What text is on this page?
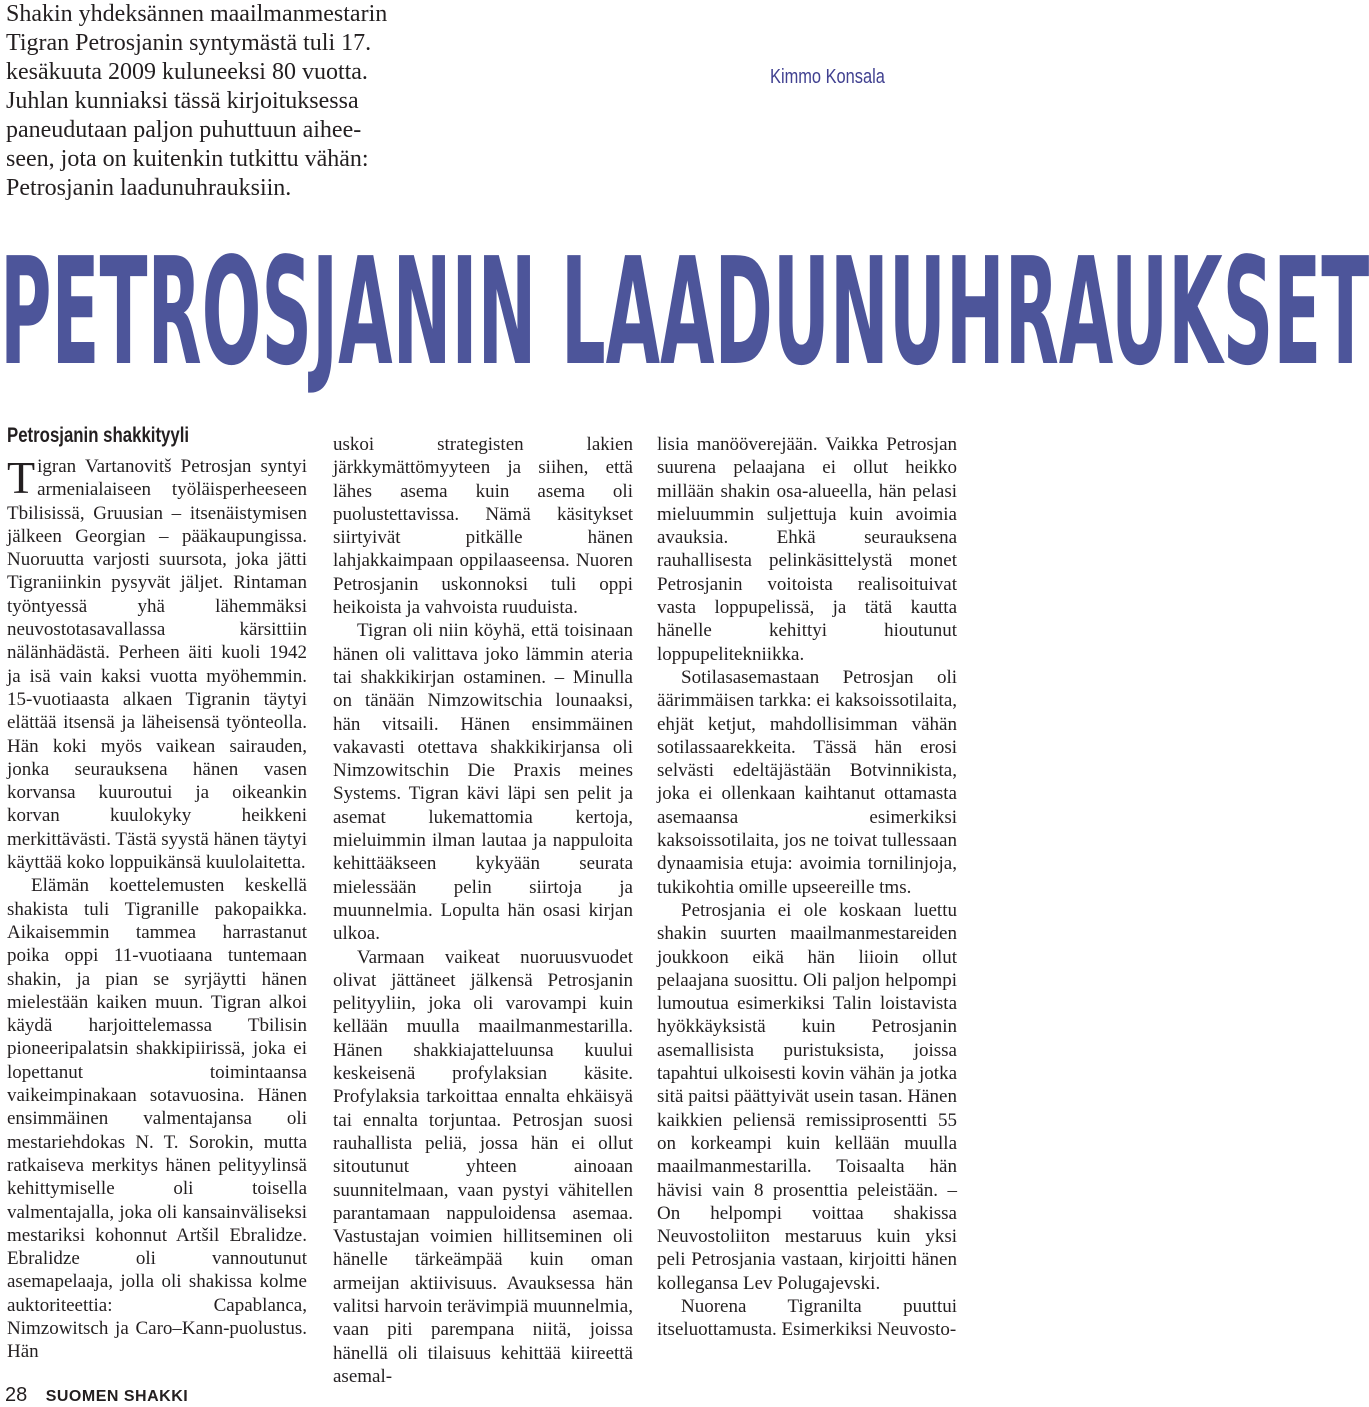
Shakin yhdeksännen maailmanmestarin
Tigran Petrosjanin syntymästä tuli 17.
kesäkuuta 2009 kuluneeksi 80 vuotta.
Juhlan kunniaksi tässä kirjoituksessa
paneudutaan paljon puhuttuun aihee-
seen, jota on kuitenkin tutkittu vähän:
Petrosjanin laadunuhrauksiin.
Kimmo Konsala
PETROSJANIN LAADUNUHRAUKSET
Petrosjanin shakkityyli

Tigran Vartanovitš Petrosjan syntyi armenialaiseen työläisperheeseen Tbilisissä, Gruusian – itsenäistymisen jälkeen Georgian – pääkaupungissa. Nuoruutta varjosti suursota, joka jätti Tigraniinkin pysyvät jäljet. Rintaman työntyessä yhä lähemmäksi neuvostotasavallassa kärsittiin nälänhädästä. Perheen äiti kuoli 1942 ja isä vain kaksi vuotta myöhemmin. 15-vuotiaasta alkaen Tigranin täytyi elättää itsensä ja läheisensä työnteolla. Hän koki myös vaikean sairauden, jonka seurauksena hänen vasen korvansa kuuroutui ja oikeankin korvan kuulokyky heikkeni merkittävästi. Tästä syystä hänen täytyi käyttää koko loppuikänsä kuulolaitetta.

Elämän koettelemusten keskellä shakista tuli Tigranille pakopaikka. Aikaisemmin tammea harrastanut poika oppi 11-vuotiaana tuntemaan shakin, ja pian se syrjäytti hänen mielestään kaiken muun. Tigran alkoi käydä harjoittelemassa Tbilisin pioneeripalatsin shakkipiirissä, joka ei lopettanut toimintaansa vaikeimpinakaan sotavuosina. Hänen ensimmäinen valmentajansa oli mestariehdokas N. T. Sorokin, mutta ratkaiseva merkitys hänen pelityylinsä kehittymiselle oli toisella valmentajalla, joka oli kansainväliseksi mestariksi kohonnut Artšil Ebralidze. Ebralidze oli vannoutunut asemapelaaja, jolla oli shakissa kolme auktoriteettia: Capablanca, Nimzowitsch ja Caro–Kann-puolustus. Hän

uskoi strategisten lakien järkkymättömyyteen ja siihen, että lähes asema kuin asema oli puolustettavissa. Nämä käsitykset siirtyivät pitkälle hänen lahjakkaimpaan oppilaaseensa. Nuoren Petrosjanin uskonnoksi tuli oppi heikoista ja vahvoista ruuduista.

Tigran oli niin köyhä, että toisinaan hänen oli valittava joko lämmin ateria tai shakkikirjan ostaminen. – Minulla on tänään Nimzowitschia lounaaksi, hän vitsaili. Hänen ensimmäinen vakavasti otettava shakkikirjansa oli Nimzowitschin Die Praxis meines Systems. Tigran kävi läpi sen pelit ja asemat lukemattomia kertoja, mieluimmin ilman lautaa ja nappuloita kehittääkseen kykyään seurata mielessään pelin siirtoja ja muunnelmia. Lopulta hän osasi kirjan ulkoa.

Varmaan vaikeat nuoruusvuodet olivat jättäneet jälkensä Petrosjanin pelityyliin, joka oli varovampi kuin kellään muulla maailmanmestarilla. Hänen shakkiajatteluunsa kuului keskeisenä profylaksian käsite. Profylaksia tarkoittaa ennalta ehkäisyä tai ennalta torjuntaa. Petrosjan suosi rauhallista peliä, jossa hän ei ollut sitoutunut yhteen ainoaan suunnitelmaan, vaan pystyi vähitellen parantamaan nappuloidensa asemaa. Vastustajan voimien hillitseminen oli hänelle tärkeämpää kuin oman armeijan aktiivisuus. Avauksessa hän valitsi harvoin terävimpiä muunnelmia, vaan piti parempana niitä, joissa hänellä oli tilaisuus kehittää kiireettä asemal-

lisia manööverejään. Vaikka Petrosjan suurena pelaajana ei ollut heikko millään shakin osa-alueella, hän pelasi mieluummin suljettuja kuin avoimia avauksia. Ehkä seurauksena rauhallisesta pelinkäsittelystä monet Petrosjanin voitoista realisoituivat vasta loppupelissä, ja tätä kautta hänelle kehittyi hioutunut loppupelitekniikka.

Sotilasasemastaan Petrosjan oli äärimmäisen tarkka: ei kaksoissotilaita, ehjät ketjut, mahdollisimman vähän sotilassaarekkeita. Tässä hän erosi selvästi edeltäjästään Botvinnikista, joka ei ollenkaan kaihtanut ottamasta asemaansa esimerkiksi kaksoissotilaita, jos ne toivat tullessaan dynaamisia etuja: avoimia tornilinjoja, tukikohtia omille upseereille tms.

Petrosjania ei ole koskaan luettu shakin suurten maailmanmestareiden joukkoon eikä hän liioin ollut pelaajana suosittu. Oli paljon helpompi lumoutua esimerkiksi Talin loistavista hyökkäyksistä kuin Petrosjanin asemallisista puristuksista, joissa tapahtui ulkoisesti kovin vähän ja jotka sitä paitsi päättyivät usein tasan. Hänen kaikkien peliensä remissiprosentti 55 on korkeampi kuin kellään muulla maailmanmestarilla. Toisaalta hän hävisi vain 8 prosenttia peleistään. – On helpompi voittaa shakissa Neuvostoliiton mestaruus kuin yksi peli Petrosjania vastaan, kirjoitti hänen kollegansa Lev Polugajevski.

Nuorena Tigranilta puuttui itseluottamusta. Esimerkiksi Neuvosto-

28 SUOMEN SHAKKI
